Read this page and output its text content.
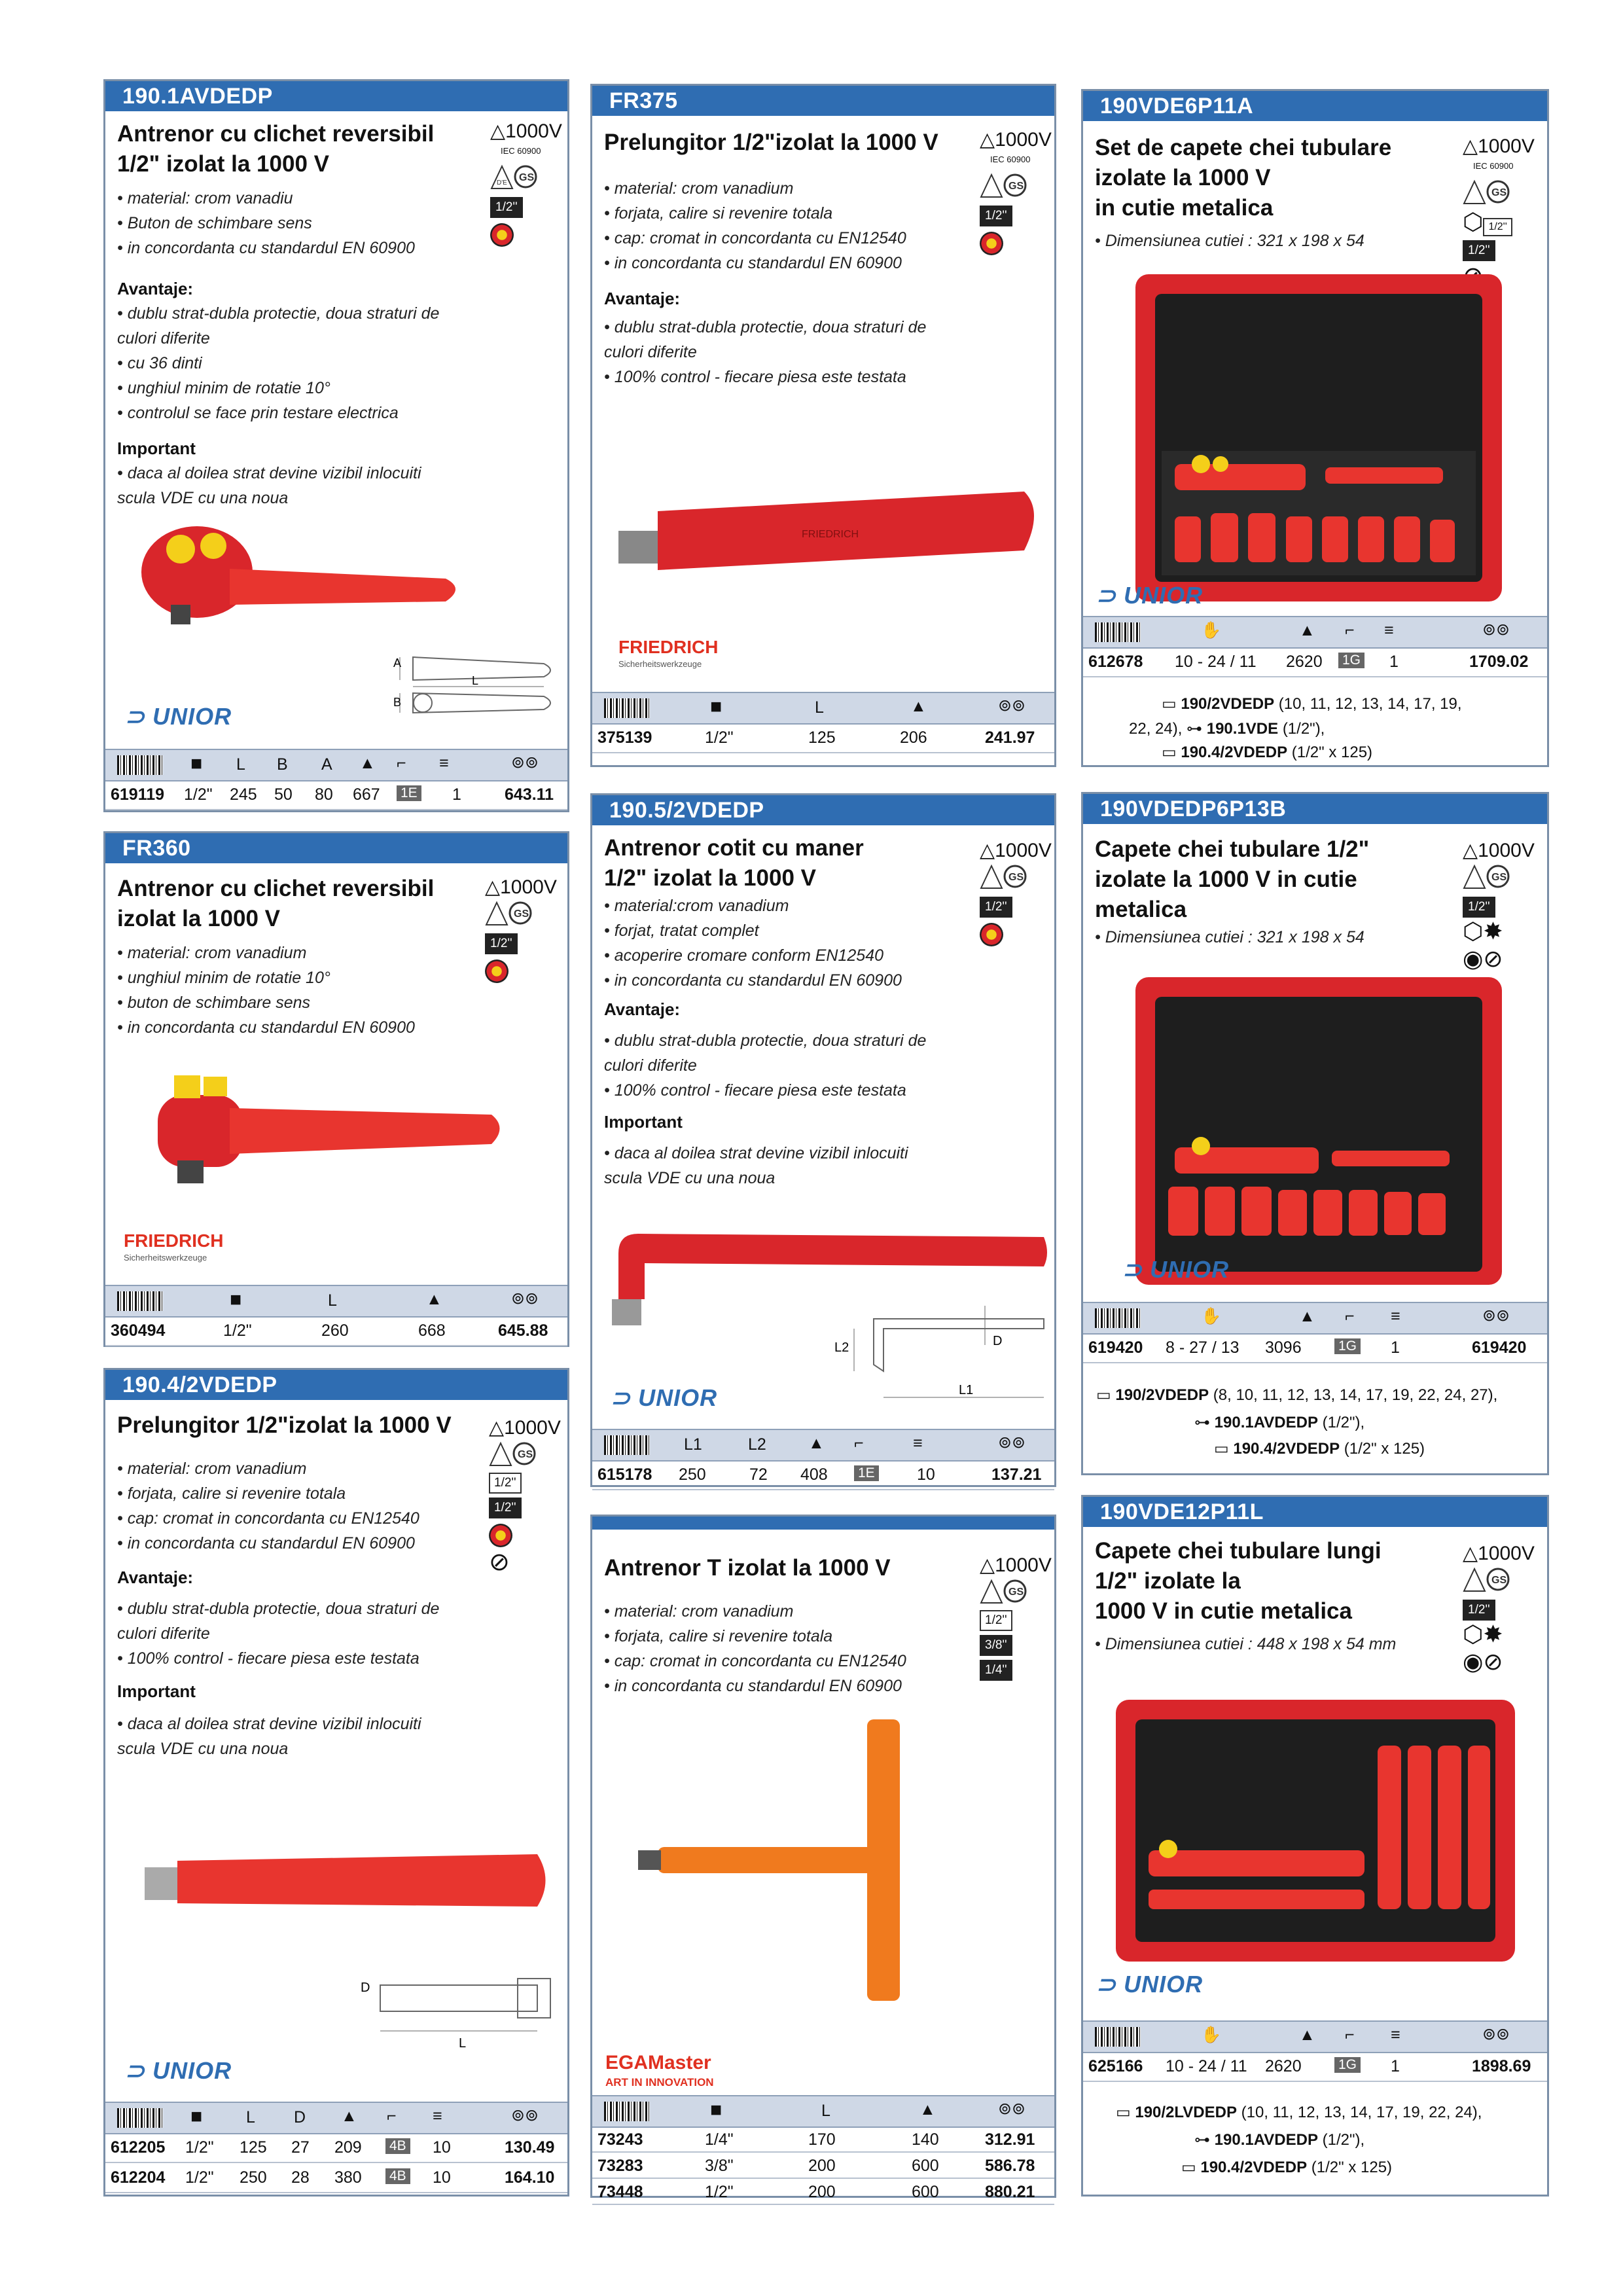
190.1AVDEDP
Antrenor cu clichet reversibil
1/2" izolat la 1000 V
△1000V
IEC 60900
D'E GS
1/2''
• material: crom vanadiu
• Buton de schimbare sens
• in concordanta cu standardul EN 60900
Avantaje:
• dublu strat-dubla protectie, doua straturi de
culori diferite
• cu 36 dinti
• unghiul minim de rotatie 10°
• controlul se face prin testare electrica
Important
• daca al doilea strat devine vizibil inlocuiti
scula VDE cu una noua
A
B
L
⊃ UNIOR
■ L B A ▲ ⌐ ≡	⊚⊚
619119 1/2" 245 50 80 667 1E 1	643.11
FR375
Prelungitor 1/2"izolat la 1000 V △1000V
IEC 60900
GS
1/2''
• material: crom vanadium
• forjata, calire si revenire totala
• cap: cromat in concordanta cu EN12540
• in concordanta cu standardul EN 60900
Avantaje:
• dublu strat-dubla protectie, doua straturi de
culori diferite
• 100% control - fiecare piesa este testata
FRIEDRICH
FRIEDRICH
Sicherheitswerkzeuge
■	L	▲	⊚⊚
375139	1/2"	125	206	241.97
190VDE6P11A
Set de capete chei tubulare
izolate la 1000 V
in cutie metalica
△1000V
IEC 60900
GS
⬡ 1/2''
1/2''
• Dimensiunea cutiei : 321 x 198 x 54
⊃ UNIOR
✋	▲ ⌐ ≡	⊚⊚
612678 10 - 24 / 11 2620 1G 1	1709.02
▭ 190/2VDEDP (10, 11, 12, 13, 14, 17, 19,
22, 24), ⊶ 190.1VDE (1/2"),
▭ 190.4/2VDEDP (1/2" x 125)
FR360
Antrenor cu clichet reversibil
izolat la 1000 V
△1000V
GS
1/2''
• material: crom vanadium
• unghiul minim de rotatie 10°
• buton de schimbare sens
• in concordanta cu standardul EN 60900
FRIEDRICH
Sicherheitswerkzeuge
■	L	▲	⊚⊚
360494	1/2"	260	668	645.88
190.5/2VDEDP
Antrenor cotit cu maner
1/2" izolat la 1000 V
△1000V
GS
1/2''
• material:crom vanadium
• forjat, tratat complet
• acoperire cromare conform EN12540
• in concordanta cu standardul EN 60900
Avantaje:
• dublu strat-dubla protectie, doua straturi de
culori diferite
• 100% control - fiecare piesa este testata
Important
• daca al doilea strat devine vizibil inlocuiti
scula VDE cu una noua
L2
L1
D
⊃ UNIOR
L1	L2	▲ ⌐	≡	⊚⊚
615178 250	72 408 1E	10	137.21
190VDEDP6P13B
Capete chei tubulare 1/2"
izolate la 1000 V in cutie
metalica
△1000V
GS
1/2''
⬡✸
◉⊘
• Dimensiunea cutiei : 321 x 198 x 54
⊃ UNIOR
✋	▲ ⌐ ≡	⊚⊚
619420 8 - 27 / 13 3096	1G 1	619420
▭ 190/2VDEDP (8, 10, 11, 12, 13, 14, 17, 19, 22, 24, 27),
⊶ 190.1AVDEDP (1/2"),
▭ 190.4/2VDEDP (1/2" x 125)
190.4/2VDEDP
Prelungitor 1/2"izolat la 1000 V △1000V
GS
1/2''
1/2''
⊘
• material: crom vanadium
• forjata, calire si revenire totala
• cap: cromat in concordanta cu EN12540
• in concordanta cu standardul EN 60900
Avantaje:
• dublu strat-dubla protectie, doua straturi de
culori diferite
• 100% control - fiecare piesa este testata
Important
• daca al doilea strat devine vizibil inlocuiti
scula VDE cu una noua
D
L
⊃ UNIOR
■	L D ▲ ⌐ ≡	⊚⊚
612205 1/2" 125 27 209 4B 10	130.49
612204 1/2" 250 28 380 4B 10	164.10
Antrenor T izolat la 1000 V	△1000V
GS
1/2''
3/8''
1/4''
• material: crom vanadium
• forjata, calire si revenire totala
• cap: cromat in concordanta cu EN12540
• in concordanta cu standardul EN 60900
EGAMaster
ART IN INNOVATION
■	L	▲	⊚⊚
73243	1/4"	170	140	312.91
73283	3/8"	200	600	586.78
73448	1/2"	200	600	880.21
190VDE12P11L
Capete chei tubulare lungi
1/2" izolate la
1000 V in cutie metalica
△1000V
GS
1/2''
⬡✸
◉⊘
• Dimensiunea cutiei : 448 x 198 x 54 mm
⊃ UNIOR
✋	▲ ⌐ ≡	⊚⊚
625166 10 - 24 / 11 2620	1G 1	1898.69
▭ 190/2LVDEDP (10, 11, 12, 13, 14, 17, 19, 22, 24),
⊶ 190.1AVDEDP (1/2"),
▭ 190.4/2VDEDP (1/2" x 125)
